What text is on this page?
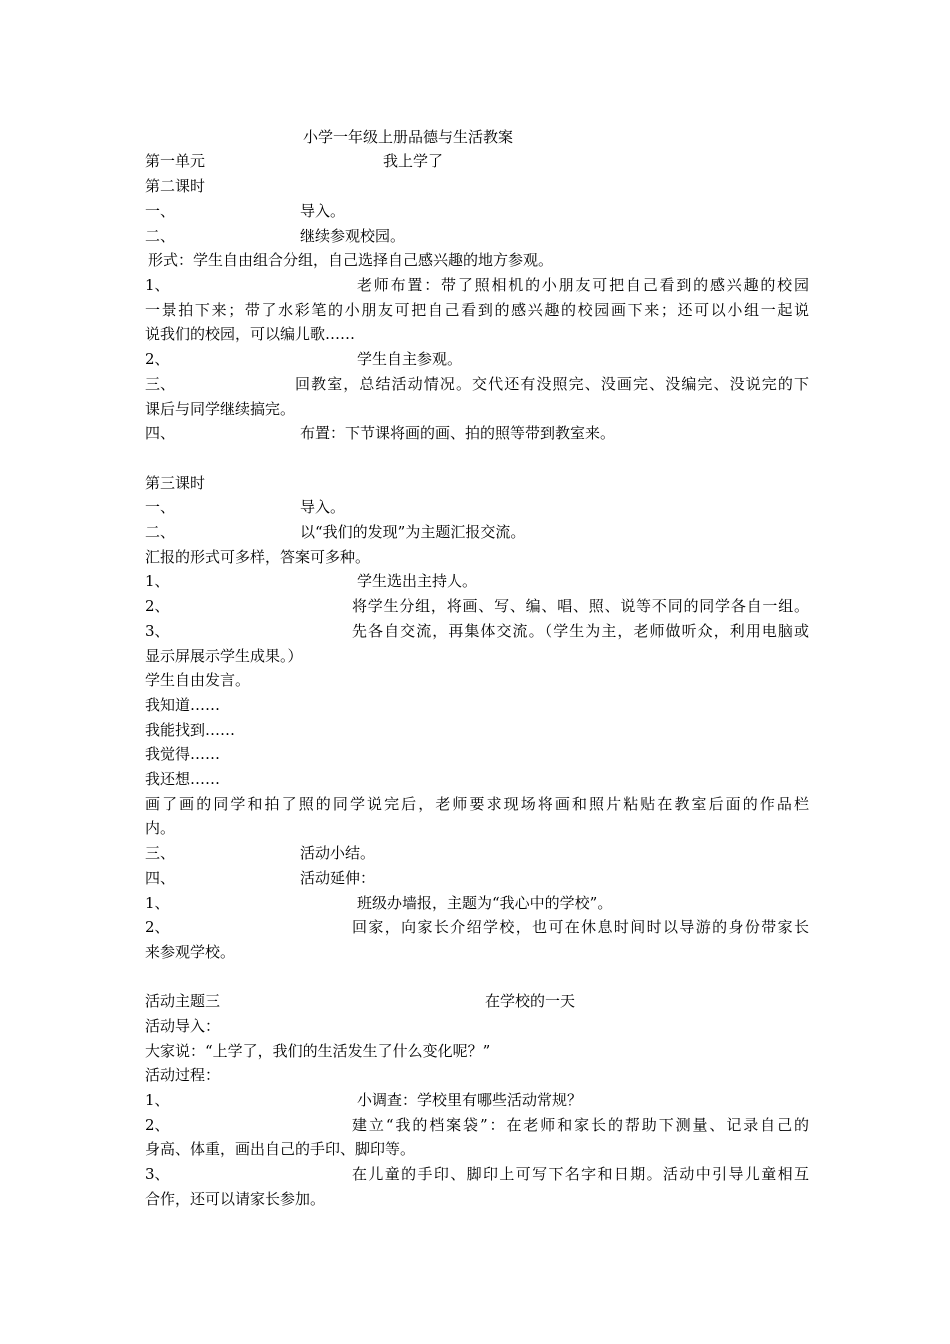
小学一年级上册品德与生活教案
第一单元	我上学了
第二课时
一、	导入。
二、	继续参观校园。
形式：学生自由组合分组，自己选择自己感兴趣的地方参观。
1、	老师布置：带了照相机的小朋友可把自己看到的感兴趣的校园
一景拍下来；带了水彩笔的小朋友可把自己看到的感兴趣的校园画下来；还可以小组一起说
说我们的校园，可以编儿歌……
2、	学生自主参观。
三、	回教室，总结活动情况。交代还有没照完、没画完、没编完、没说完的下
课后与同学继续搞完。
四、	布置：下节课将画的画、拍的照等带到教室来。
第三课时
一、	导入。
二、	以“我们的发现”为主题汇报交流。
汇报的形式可多样，答案可多种。
1、	学生选出主持人。
2、	将学生分组，将画、写、编、唱、照、说等不同的同学各自一组。
3、	先各自交流，再集体交流。（学生为主，老师做听众，利用电脑或
显示屏展示学生成果。）
学生自由发言。
我知道……
我能找到……
我觉得……
我还想……
画了画的同学和拍了照的同学说完后，老师要求现场将画和照片粘贴在教室后面的作品栏
内。
三、	活动小结。
四、	活动延伸：
1、	班级办墙报，主题为“我心中的学校”。
2、	回家，向家长介绍学校，也可在休息时间时以导游的身份带家长
来参观学校。
活动主题三	在学校的一天
活动导入：
大家说：“上学了，我们的生活发生了什么变化呢？”
活动过程：
1、	小调查：学校里有哪些活动常规？
2、	建立“我的档案袋”：在老师和家长的帮助下测量、记录自己的
身高、体重，画出自己的手印、脚印等。
3、	在儿童的手印、脚印上可写下名字和日期。活动中引导儿童相互
合作，还可以请家长参加。
